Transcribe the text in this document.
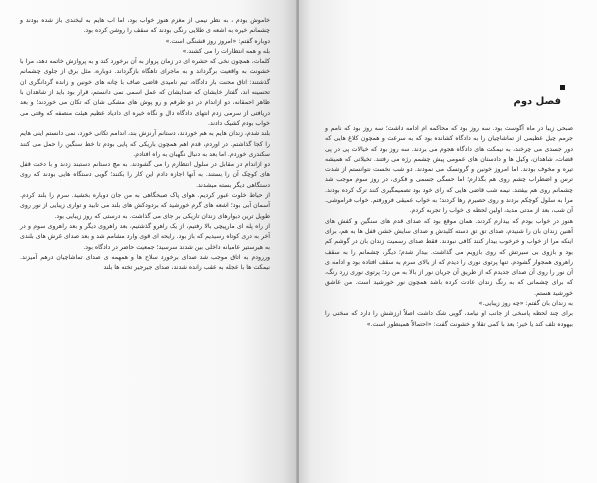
خاموش بودم ، به نظر نیمی از مغزم هنوز خواب بود، اما اب هایم به لبخندی باز شده بودند و چشمانم خیره به اشعه ی طلایی رنگی بودند که سقف را روشن کرده بود.

دوباره گفتم: «امروز روز قشنگی است.»

بله و همه انتظارات را می کشند.»

کلمات، همچون نخی که حشره ای در زمان پرواز به آن برخورد کند و به پروازش خاتمه دهد، مرا با خشونت به واقعیت برگرداند و به ماجرای تاهگاه بازگرداند. دوباره، مثل برق از جلوی چشمانم گذشتند: اتاق محنت بار دادگاه، تیم نامیدی قاضی صاف با چانه های خونین و زانده گردانگری ان تحسینه اند، گفتار خایشان که صدایشان که عمل اسمی نمی دانستم، قرار بود باید از شاهدان با ظاهر احمقانه، دو ازاندام در دو طرفم و رو پوش های مشکی شان که تکان می خوردند؛ و بعد دریافتی از سرمی زدم انتهای دادگاه دال و نگاه خیره ای دادیاد عظیم هیئت منصفه که وقتی می خواب بودم کشیک دادند.

بلند شدم، زندان هایم به هم خوردند، دستانم آرنزش بند، اندامم تکانی خورد، نمی دانستم اینی هایم را کجا گذاشتم. در اوردم، قدم اهم همچون باریکی که پایی بودم تا خط سنگین را حمل می کنند سکندری خوردم. اما بعد به دنبال نگهبان به راه افتادم.

دو ازاندام در مقابل در سلول انتظارم را می گشودند. به مچ دستانم دستبند زدند و با دخت قفل های کوچک آن را بستند. به آنها اجازه دادم این کار را بکنند؛ گویی دستگاه هایی بودند که روی دستگاهی دیگر بسته میشدند.

از حیاط خلوت عبور کردیم. هوای پاک صبحگاهی به من جان دوباره بخشید. سرم را بلند کردم. آسمان آبی بود؛ اشعه های گرم خورشید که بردودکش های بلند می تابید و تواری زیبایی از نور روی طویل ترین دیوارهای زندان تاریکی بر جای می گذاشت. به درستی که روز زیبایی بود.

از راه پله ای مارپیچی بالا رفتیم، از یک راهرو گذشتیم، بعد راهروی دیگر و بعد راهروی سوم و در آخر به دری کوتاه رسیدیم که باز بود. رایحه ای قوی وارد مشامم شد و بعد صدای غرش های بلندی به هیرستیر عامیانه داخلی بین شدند سرسید؛ جمعیت حاضر در دادگاه بود.

وررودم به اتاق موجب شد صدای برخورد سلاح ها و همهمه ی صدای تماشاچیان درهم آمیزند. نیمکت ها با عجله به عقب رانده شدند، صدای جیرجیر تخته ها بلند

فصل دوم

صبحی زیبا در ماه آگوست بود. سه روز بود که محاکمه ام ادامه داشت؛ سه روز بود که نامم و جرمم چیل عظیمی از تماشاچیان را به دادگاه کشانده بود که به سرعت و همچون کلاغ هایی که دور جسدی می چرخند، به نیمکت های دادگاه هجوم می بردند. سه روز بود که خیالات پی در پی قضات، شاهدان، وکیل ها و دادستان های عمومی پیش چشمم رژه می رفتند. تخیلاتی که همیشه تیره و مخوف بودند. اما امروز خونین و گروتسک می نمودند. دو شب نخست نتوانستم از شدت ترس و اضطراب چشم روی هم بگذارم؛ اما حسگی جسمی و فکری، در روز سوم موجب شد چشمانم روی هم بیفتند. نیمه شب قاضی هایی که رای خود بود تصمیمگیری کنند ترک کرده بودند. مرا به سلول کوچکم بردند و روی حصیرم رها کردند؛ به خواب عمیقی فرورفتم. خواب فراموشی. آن شب، بعد از مدتی مدید، اولین لحظه ی خواب را تجربه کردم.

هنوز در خواب بودم که بیدارم کردند. همان موقع بود که صدای قدم های سنگین و کفش های آهنین زندان بان را شنیدم، صدای تق تق دسته کلیدش و صدای سایش خشن قفل ها به هم، برای اینکه مرا از خواب و خرخوب بیدار کنند کافی نبودند. فقط صدای رسمیت زندان بان در گوشم کم بود و بازوی بی سیرتش که روی بازویم می گذاشت. بیدار شدم؛ دیگر، چشمانم را به سقف راهروی همجوار گشودم. تنها پرتوی نوری را دیدم که از بالای سرم به سقف افتاده بود و ادامه ی آن نور را روی آن صدای جدیدم که از طریق آن جریان نور از بالا به من زد؛ پرتوی نوری زرد رنگ، که برای چشمانی که به رنگ زندان عادت کرده باشد همچون نور خورشید است. من عاشق خورشید هستم.

به زندان بان گفتم: «چه روز زیبایی.»

برای چند لحظه پاسخی از جانب او نیامد، گویی شک داشت اصلاً ارزشش را دارد که سخنی را بیهوده تلف کند یا خیر؛ بعد با کمی تقلا و خشونت گفت: «احتمالاً همینطور است.»
